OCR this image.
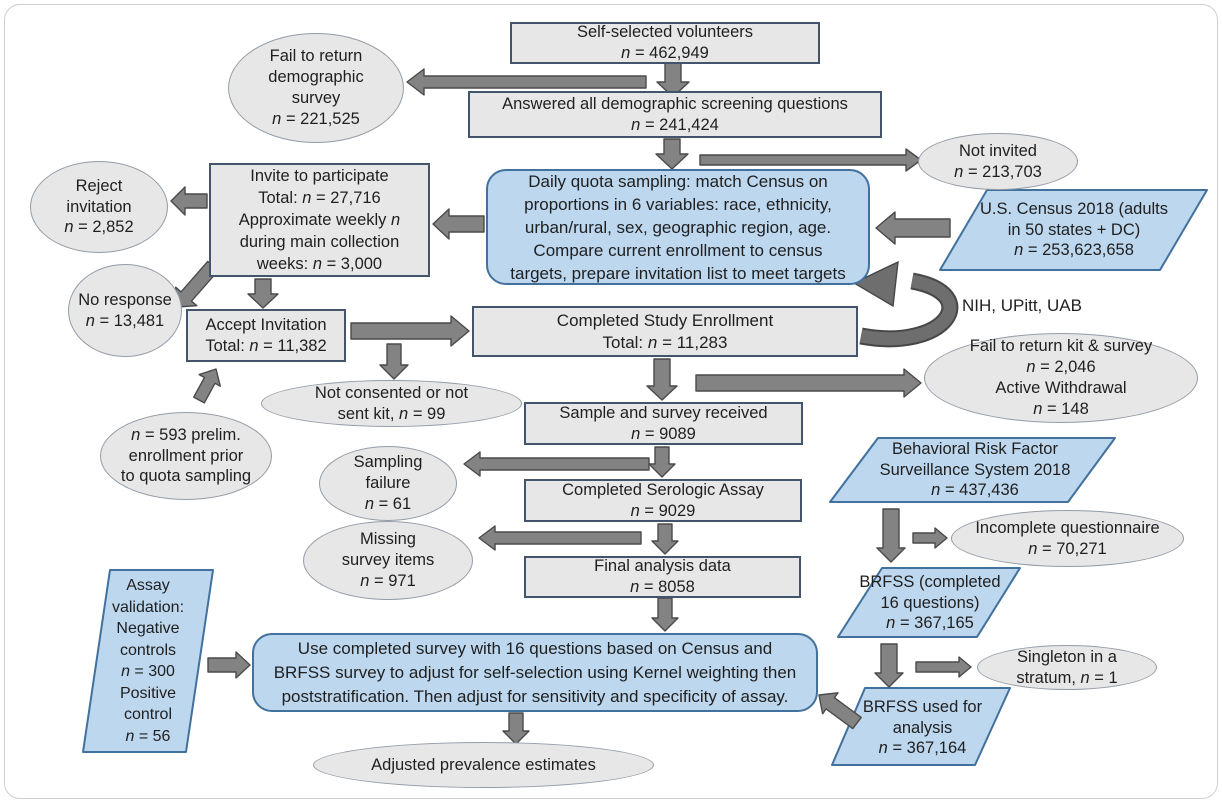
Self-selected volunteers
n = 462,949
Answered all demographic screening questions
n = 241,424
Invite to participate
Total: n = 27,716
Approximate weekly n
during main collection
weeks: n = 3,000
Accept Invitation
Total: n = 11,382
Completed Study Enrollment
Total: n = 11,283
Sample and survey received
n = 9089
Completed Serologic Assay
n = 9029
Final analysis data
n = 8058
Daily quota sampling: match Census on
proportions in 6 variables: race, ethnicity,
urban/rural, sex, geographic region, age.
Compare current enrollment to census
targets, prepare invitation list to meet targets
Use completed survey with 16 questions based on Census and
BRFSS survey to adjust for self-selection using Kernel weighting then
poststratification. Then adjust for sensitivity and specificity of assay.
Fail to return
demographic
survey
n = 221,525
Reject
invitation
n = 2,852
No response
n = 13,481
Not invited
n = 213,703
Fail to return kit & survey
n = 2,046
Active Withdrawal
n = 148
Not consented or not
sent kit, n = 99
n = 593 prelim.
enrollment prior
to quota sampling
Sampling
failure
n = 61
Missing
survey items
n = 971
Incomplete questionnaire
n = 70,271
Singleton in a
stratum, n = 1
Adjusted prevalence estimates
U.S. Census 2018 (adults
in 50 states + DC)
n = 253,623,658
Behavioral Risk Factor
Surveillance System 2018
n = 437,436
BRFSS (completed
16 questions)
n = 367,165
BRFSS used for
analysis
n = 367,164
Assay
validation:
Negative
controls
n = 300
Positive
control
n = 56
NIH, UPitt, UAB
